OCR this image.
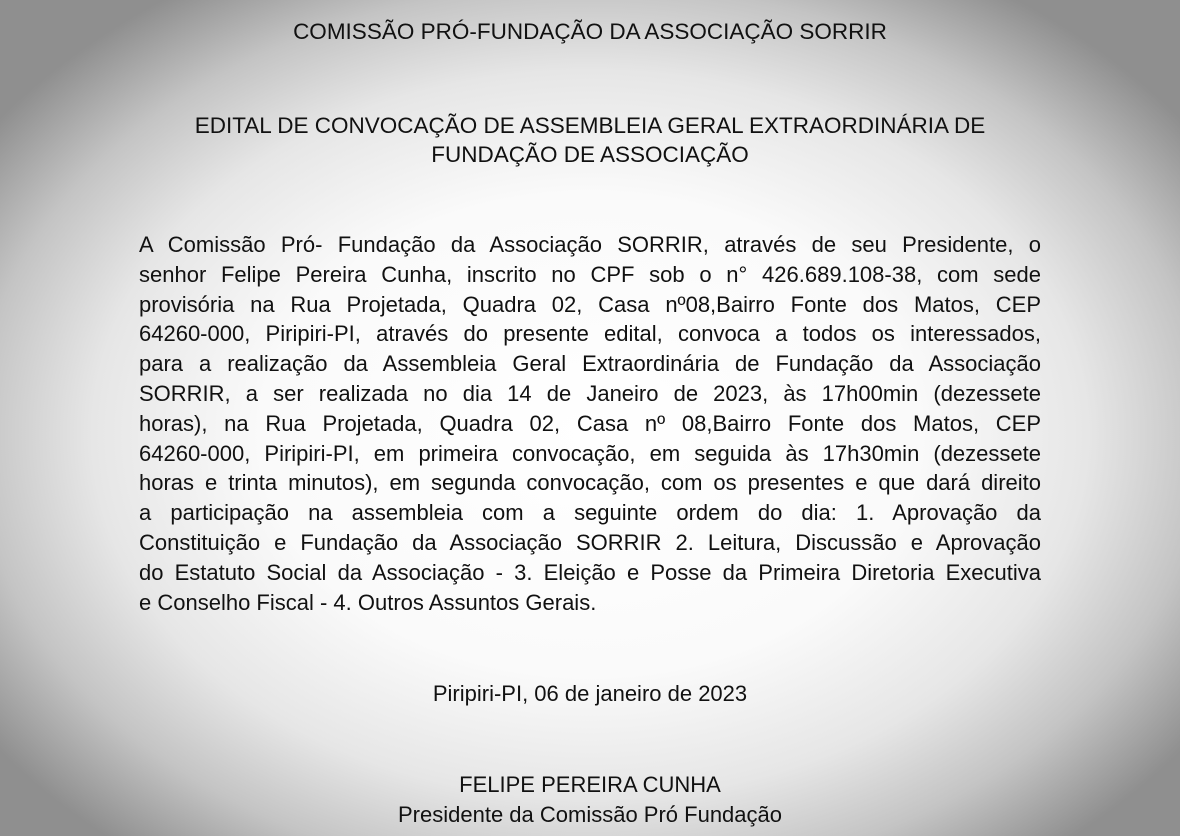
COMISSÃO PRÓ-FUNDAÇÃO DA ASSOCIAÇÃO SORRIR
EDITAL DE CONVOCAÇÃO DE ASSEMBLEIA GERAL EXTRAORDINÁRIA DE
FUNDAÇÃO DE ASSOCIAÇÃO
A Comissão Pró- Fundação da Associação SORRIR, através de seu Presidente, o
senhor Felipe Pereira Cunha, inscrito no CPF sob o n° 426.689.108-38, com sede
provisória na Rua Projetada, Quadra 02, Casa nº08,Bairro Fonte dos Matos, CEP
64260-000, Piripiri-PI, através do presente edital, convoca a todos os interessados,
para a realização da Assembleia Geral Extraordinária de Fundação da Associação
SORRIR, a ser realizada no dia 14 de Janeiro de 2023, às 17h00min (dezessete
horas), na Rua Projetada, Quadra 02, Casa nº 08,Bairro Fonte dos Matos, CEP
64260-000, Piripiri-PI, em primeira convocação, em seguida às 17h30min (dezessete
horas e trinta minutos), em segunda convocação, com os presentes e que dará direito
a participação na assembleia com a seguinte ordem do dia: 1. Aprovação da
Constituição e Fundação da Associação SORRIR 2. Leitura, Discussão e Aprovação
do Estatuto Social da Associação - 3. Eleição e Posse da Primeira Diretoria Executiva
e Conselho Fiscal - 4. Outros Assuntos Gerais.
Piripiri-PI, 06 de janeiro de 2023
FELIPE PEREIRA CUNHA
Presidente da Comissão Pró Fundação
